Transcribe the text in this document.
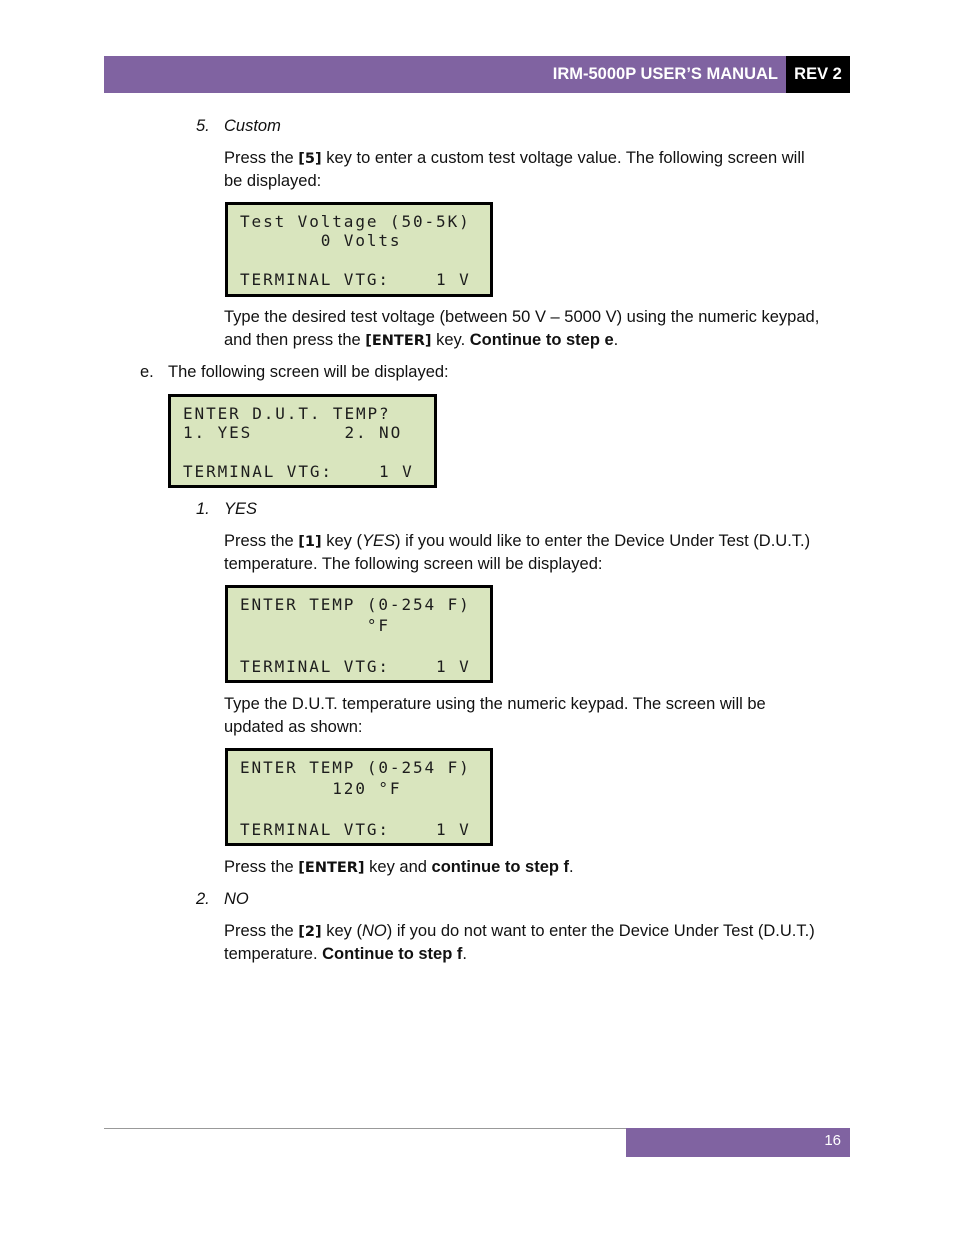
IRM-5000P USER’S MANUAL REV 2
5. Custom
Press the [5] key to enter a custom test voltage value. The following screen will
be displayed:
Test Voltage (50-5K)
0 Volts
TERMINAL VTG:    1 V
Type the desired test voltage (between 50 V – 5000 V) using the numeric keypad,
and then press the [ENTER] key. Continue to step e.
e. The following screen will be displayed:
ENTER D.U.T. TEMP?
1. YES        2. NO
TERMINAL VTG:    1 V
1. YES
Press the [1] key (YES) if you would like to enter the Device Under Test (D.U.T.)
temperature. The following screen will be displayed:
ENTER TEMP (0-254 F)
°F
TERMINAL VTG:    1 V
Type the D.U.T. temperature using the numeric keypad. The screen will be
updated as shown:
ENTER TEMP (0-254 F)
120 °F
TERMINAL VTG:    1 V
Press the [ENTER] key and continue to step f.
2. NO
Press the [2] key (NO) if you do not want to enter the Device Under Test (D.U.T.)
temperature. Continue to step f.
16
